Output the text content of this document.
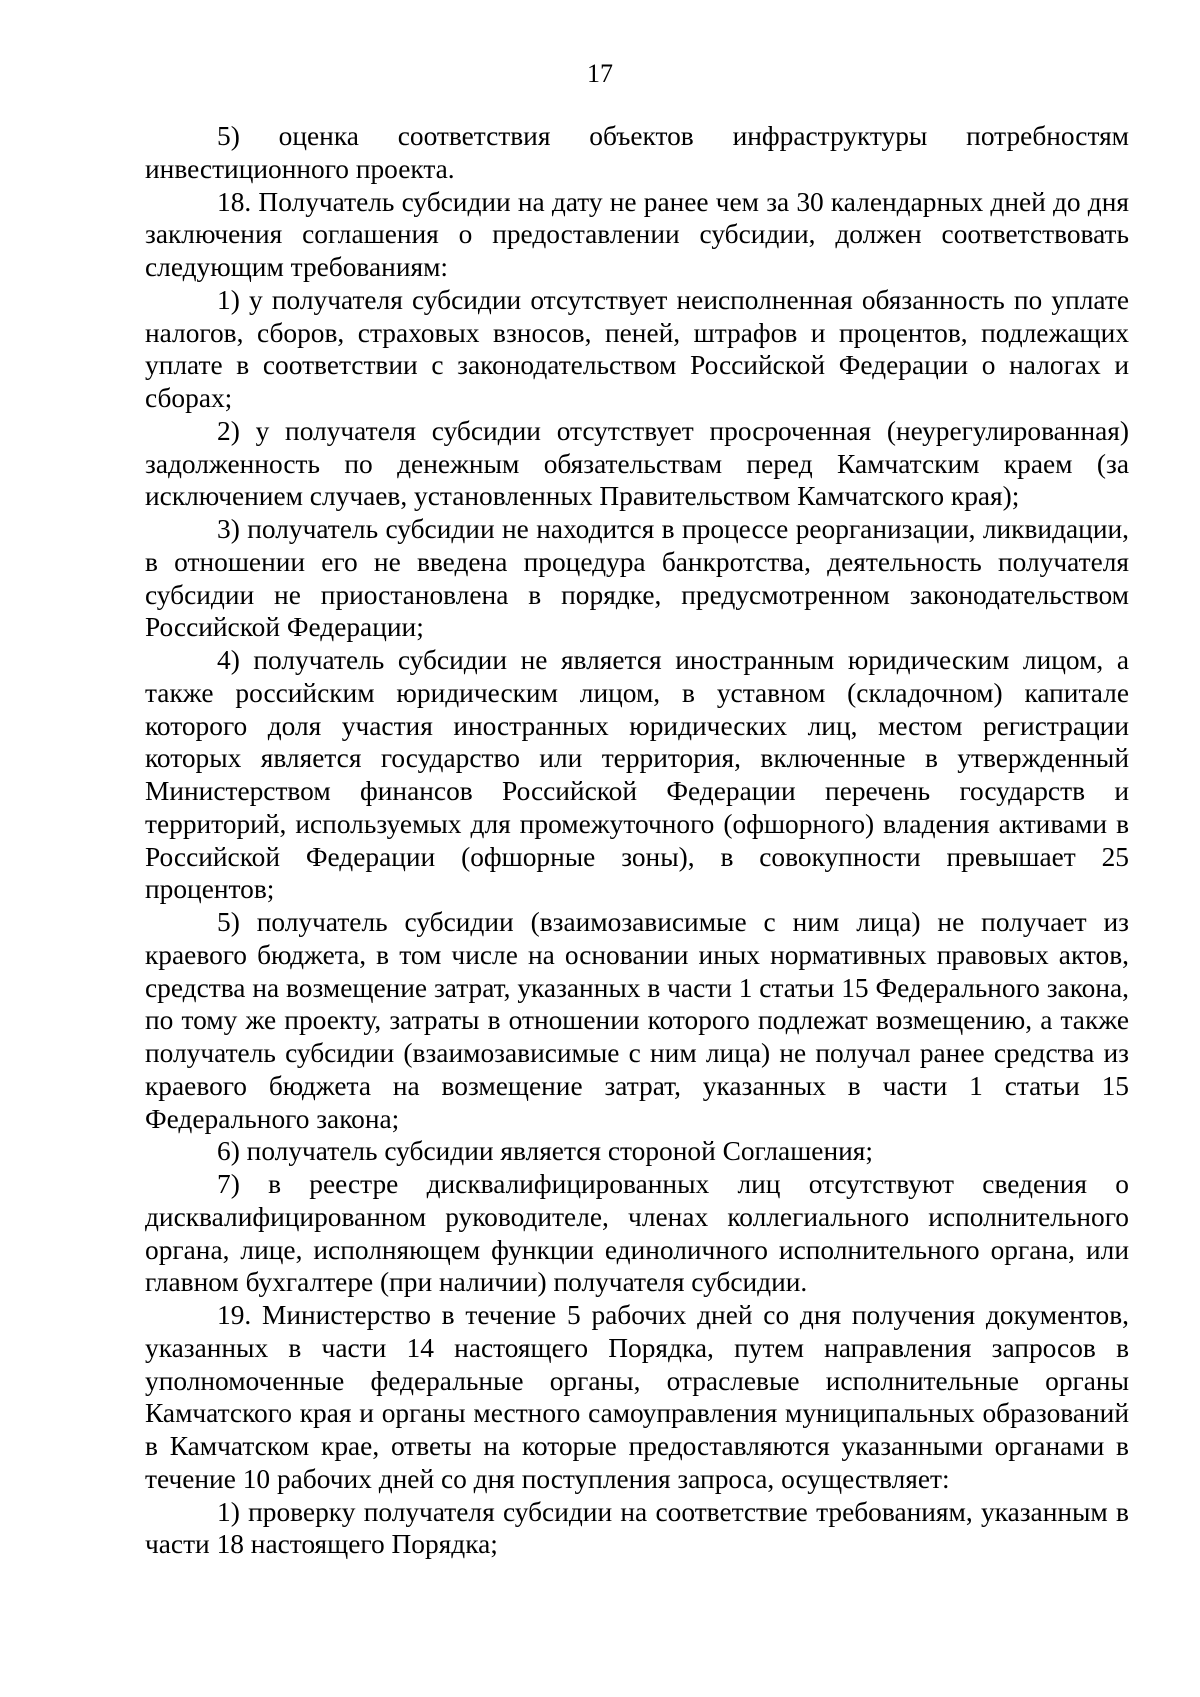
17

5) оценка соответствия объектов инфраструктуры потребностям инвестиционного проекта.

18. Получатель субсидии на дату не ранее чем за 30 календарных дней до дня заключения соглашения о предоставлении субсидии, должен соответствовать следующим требованиям:

1) у получателя субсидии отсутствует неисполненная обязанность по уплате налогов, сборов, страховых взносов, пеней, штрафов и процентов, подлежащих уплате в соответствии с законодательством Российской Федерации о налогах и сборах;

2) у получателя субсидии отсутствует просроченная (неурегулированная) задолженность по денежным обязательствам перед Камчатским краем (за исключением случаев, установленных Правительством Камчатского края);

3) получатель субсидии не находится в процессе реорганизации, ликвидации, в отношении его не введена процедура банкротства, деятельность получателя субсидии не приостановлена в порядке, предусмотренном законодательством Российской Федерации;

4) получатель субсидии не является иностранным юридическим лицом, а также российским юридическим лицом, в уставном (складочном) капитале которого доля участия иностранных юридических лиц, местом регистрации которых является государство или территория, включенные в утвержденный Министерством финансов Российской Федерации перечень государств и территорий, используемых для промежуточного (офшорного) владения активами в Российской Федерации (офшорные зоны), в совокупности превышает 25 процентов;

5) получатель субсидии (взаимозависимые с ним лица) не получает из краевого бюджета, в том числе на основании иных нормативных правовых актов, средства на возмещение затрат, указанных в части 1 статьи 15 Федерального закона, по тому же проекту, затраты в отношении которого подлежат возмещению, а также получатель субсидии (взаимозависимые с ним лица) не получал ранее средства из краевого бюджета на возмещение затрат, указанных в части 1 статьи 15 Федерального закона;

6) получатель субсидии является стороной Соглашения;

7) в реестре дисквалифицированных лиц отсутствуют сведения о дисквалифицированном руководителе, членах коллегиального исполнительного органа, лице, исполняющем функции единоличного исполнительного органа, или главном бухгалтере (при наличии) получателя субсидии.

19. Министерство в течение 5 рабочих дней со дня получения документов, указанных в части 14 настоящего Порядка, путем направления запросов в уполномоченные федеральные органы, отраслевые исполнительные органы Камчатского края и органы местного самоуправления муниципальных образований в Камчатском крае, ответы на которые предоставляются указанными органами в течение 10 рабочих дней со дня поступления запроса, осуществляет:

1) проверку получателя субсидии на соответствие требованиям, указанным в части 18 настоящего Порядка;
